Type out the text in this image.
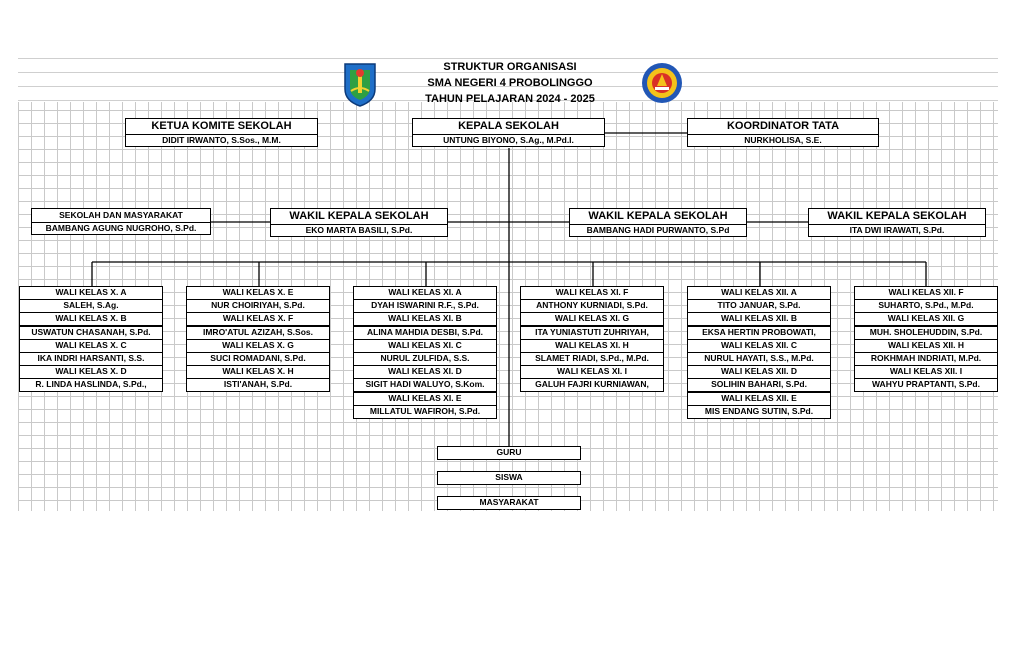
STRUKTUR ORGANISASI
SMA NEGERI 4 PROBOLINGGO
TAHUN PELAJARAN 2024 - 2025
KETUA KOMITE SEKOLAH
DIDIT IRWANTO, S.Sos., M.M.
KEPALA SEKOLAH
UNTUNG BIYONO, S.Ag., M.Pd.I.
KOORDINATOR TATA
NURKHOLISA, S.E.
SEKOLAH DAN MASYARAKAT
BAMBANG AGUNG NUGROHO, S.Pd.
WAKIL KEPALA SEKOLAH
EKO MARTA BASILI, S.Pd.
WAKIL KEPALA SEKOLAH
BAMBANG HADI PURWANTO, S.Pd
WAKIL KEPALA SEKOLAH
ITA DWI IRAWATI, S.Pd.
WALI KELAS X. A
SALEH, S.Ag.
WALI KELAS X. B
USWATUN CHASANAH, S.Pd.
WALI KELAS X. C
IKA INDRI HARSANTI, S.S.
WALI KELAS X. D
R. LINDA HASLINDA, S.Pd.,
WALI KELAS X. E
NUR CHOIRIYAH, S.Pd.
WALI KELAS X. F
IMRO'ATUL AZIZAH, S.Sos.
WALI KELAS X. G
SUCI ROMADANI, S.Pd.
WALI KELAS X. H
ISTI'ANAH, S.Pd.
WALI KELAS XI. A
DYAH ISWARINI R.F., S.Pd.
WALI KELAS XI. B
ALINA MAHDIA DESBI, S.Pd.
WALI KELAS XI. C
NURUL ZULFIDA, S.S.
WALI KELAS XI. D
SIGIT HADI WALUYO, S.Kom.
WALI KELAS XI. E
MILLATUL WAFIROH, S.Pd.
WALI KELAS XI. F
ANTHONY KURNIADI, S.Pd.
WALI KELAS XI. G
ITA YUNIASTUTI ZUHRIYAH,
WALI KELAS XI. H
SLAMET RIADI, S.Pd., M.Pd.
WALI KELAS XI. I
GALUH FAJRI KURNIAWAN,
WALI KELAS XII. A
TITO JANUAR, S.Pd.
WALI KELAS XII. B
EKSA HERTIN PROBOWATI,
WALI KELAS XII. C
NURUL HAYATI, S.S., M.Pd.
WALI KELAS XII. D
SOLIHIN BAHARI, S.Pd.
WALI KELAS XII. E
MIS ENDANG SUTIN, S.Pd.
WALI KELAS XII. F
SUHARTO, S.Pd., M.Pd.
WALI KELAS XII. G
MUH. SHOLEHUDDIN, S.Pd.
WALI KELAS XII. H
ROKHMAH INDRIATI, M.Pd.
WALI KELAS XII. I
WAHYU PRAPTANTI, S.Pd.
GURU
SISWA
MASYARAKAT
